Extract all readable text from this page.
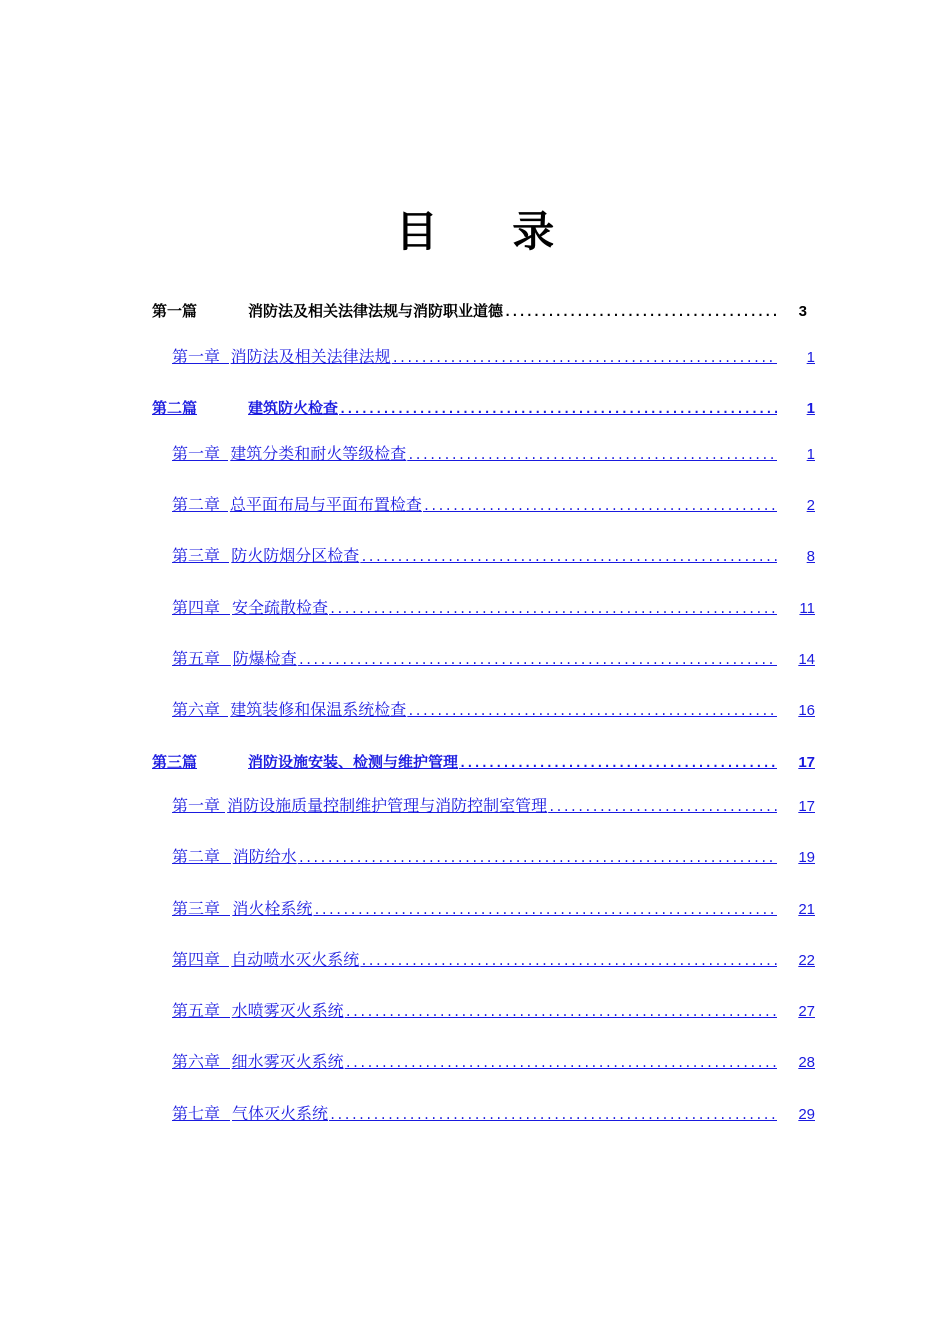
目 录
第一篇	消防法及相关法律法规与消防职业道德 .....	3
第一章 消防法及相关法律法规 .....	1
第二篇	建筑防火检查 .....	1
第一章 建筑分类和耐火等级检查 .....	1
第二章 总平面布局与平面布置检查 .....	2
第三章 防火防烟分区检查 .....	8
第四章 安全疏散检查 .....	11
第五章 防爆检查 .....	14
第六章 建筑装修和保温系统检查 .....	16
第三篇	消防设施安装、检测与维护管理 .....	17
第一章 消防设施质量控制维护管理与消防控制室管理 .....	17
第二章 消防给水 .....	19
第三章 消火栓系统 .....	21
第四章 自动喷水灭火系统 .....	22
第五章 水喷雾灭火系统 .....	27
第六章 细水雾灭火系统 .....	28
第七章 气体灭火系统 .....	29
